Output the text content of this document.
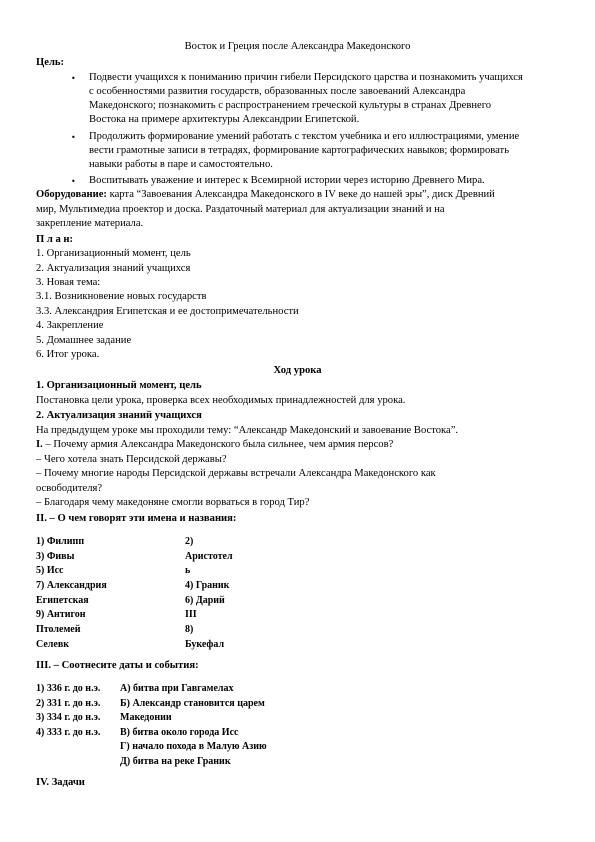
Восток и Греция после Александра Македонского
Цель:
• Подвести учащихся к пониманию причин гибели Персидского царства и познакомить учащихся
с особенностями развития государств, образованных после завоеваний Александра
Македонского; познакомить с распространением греческой культуры в странах Древнего
Востока на примере архитектуры Александрии Египетской.
• Продолжить формирование умений работать с текстом учебника и его иллюстрациями, умение
вести грамотные записи в тетрадях, формирование картографических навыков; формировать
навыки работы в паре и самостоятельно.
• Воспитывать уважение и интерес к Всемирной истории через историю Древнего Мира.
Оборудование: карта “Завоевания Александра Македонского в IV веке до нашей эры”, диск Древний
мир, Мультимедиа проектор и доска. Раздаточный материал для актуализации знаний и на
закрепление материала.
П л а н:
1. Организационный момент, цель
2. Актуализация знаний учащихся
3. Новая тема:
3.1. Возникновение новых государств
3.3. Александрия Египетская и ее достопримечательности
4. Закрепление
5. Домашнее задание
6. Итог урока.
Ход урока
1. Организационный момент, цель
Постановка цели урока, проверка всех необходимых принадлежностей для урока.
2. Актуализация знаний учащихся
На предыдущем уроке мы проходили тему: “Александр Македонский и завоевание Востока”.
I. – Почему армия Александра Македонского была сильнее, чем армия персов?
– Чего хотела знать Персидской державы?
– Почему многие народы Персидской державы встречали Александра Македонского как
освободителя?
– Благодаря чему македоняне смогли ворваться в город Тир?
II. – О чем говорят эти имена и названия:
1) Филипп
3) Фивы
5) Исс
7) Александрия
Египетская
9) Антигон
Птолемей
Селевк
2)
Аристотел
ь
4) Граник
6) Дарий
III
8)
Букефал
III. – Соотнесите даты и события:
1) 336 г. до н.э.
2) 331 г. до н.э.
3) 334 г. до н.э.
4) 333 г. до н.э.
А) битва при Гавгамелах
Б) Александр становится царем
Македонии
В) битва около города Исс
Г) начало похода в Малую Азию
Д) битва на реке Граник
IV. Задачи
